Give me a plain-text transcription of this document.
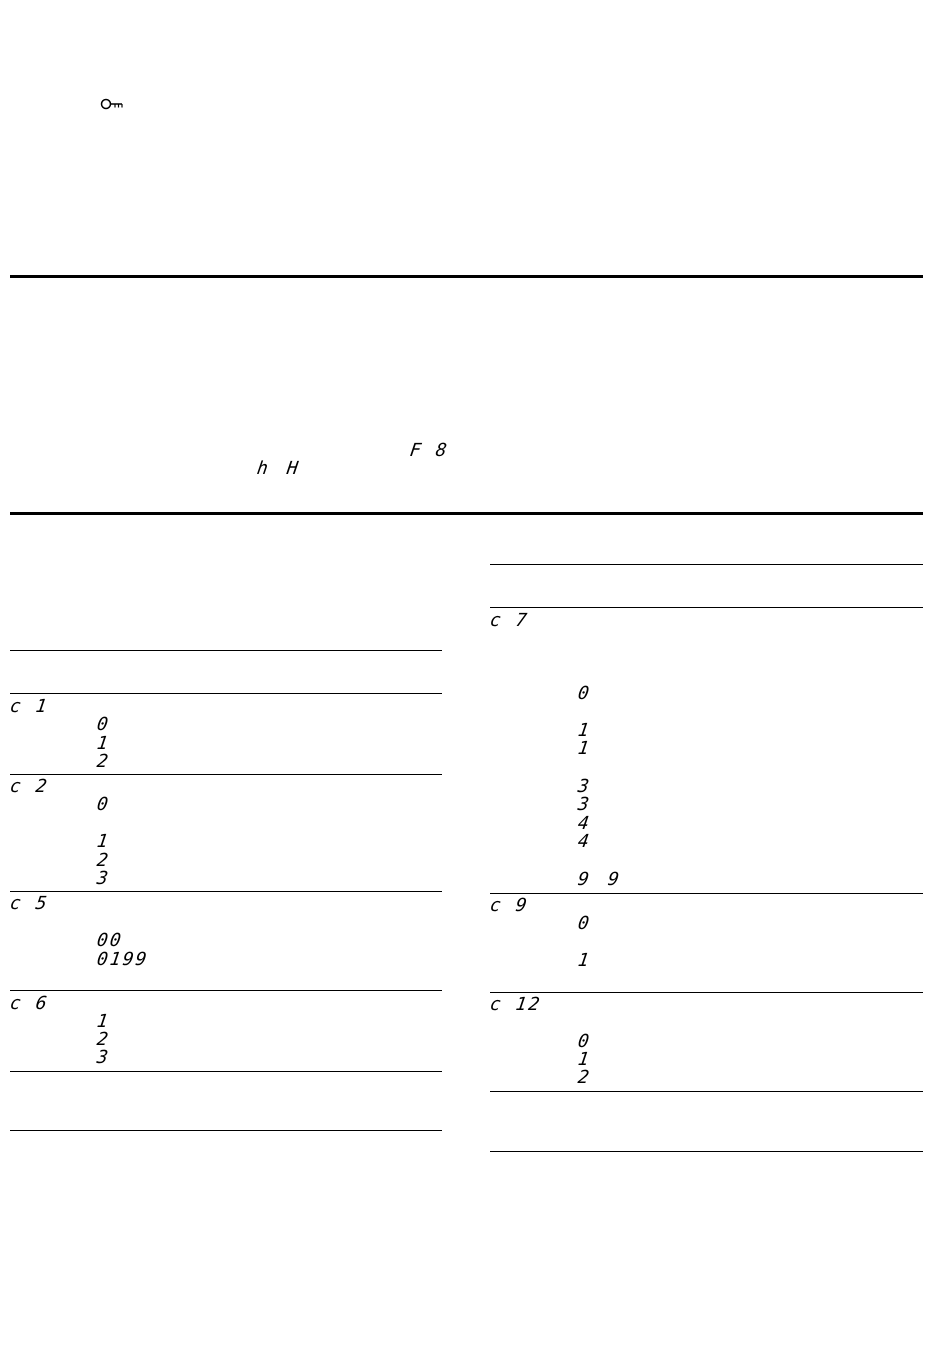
F 8
h H
c 1
0
1
2
c 2
0
1
2
3
c 5
00
0199
c 6
1
2
3
c 7
0
1
1
3
3
4
4
9 9
c 9
0
1
c 12
0
1
2
